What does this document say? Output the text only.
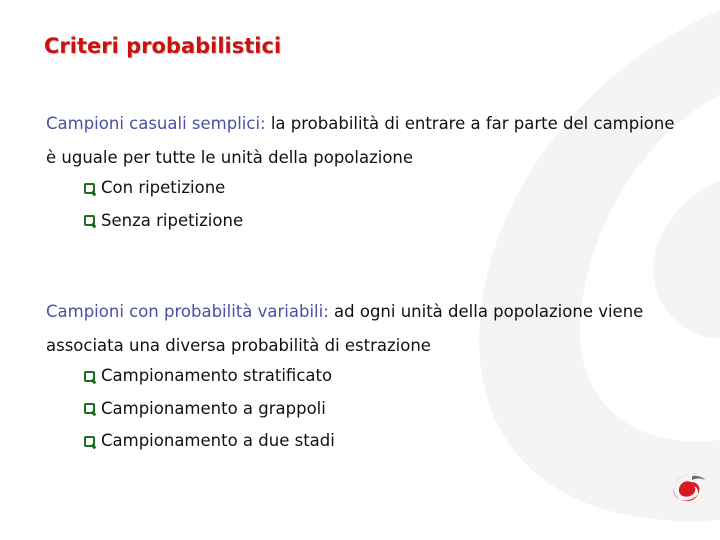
Criteri probabilistici

Campioni casuali semplici: la probabilità di entrare a far parte del campione è uguale per tutte le unità della popolazione

Con ripetizione
Senza ripetizione

Campioni con probabilità variabili: ad ogni unità della popolazione viene associata una diversa probabilità di estrazione

Campionamento stratificato
Campionamento a grappoli
Campionamento a due stadi
